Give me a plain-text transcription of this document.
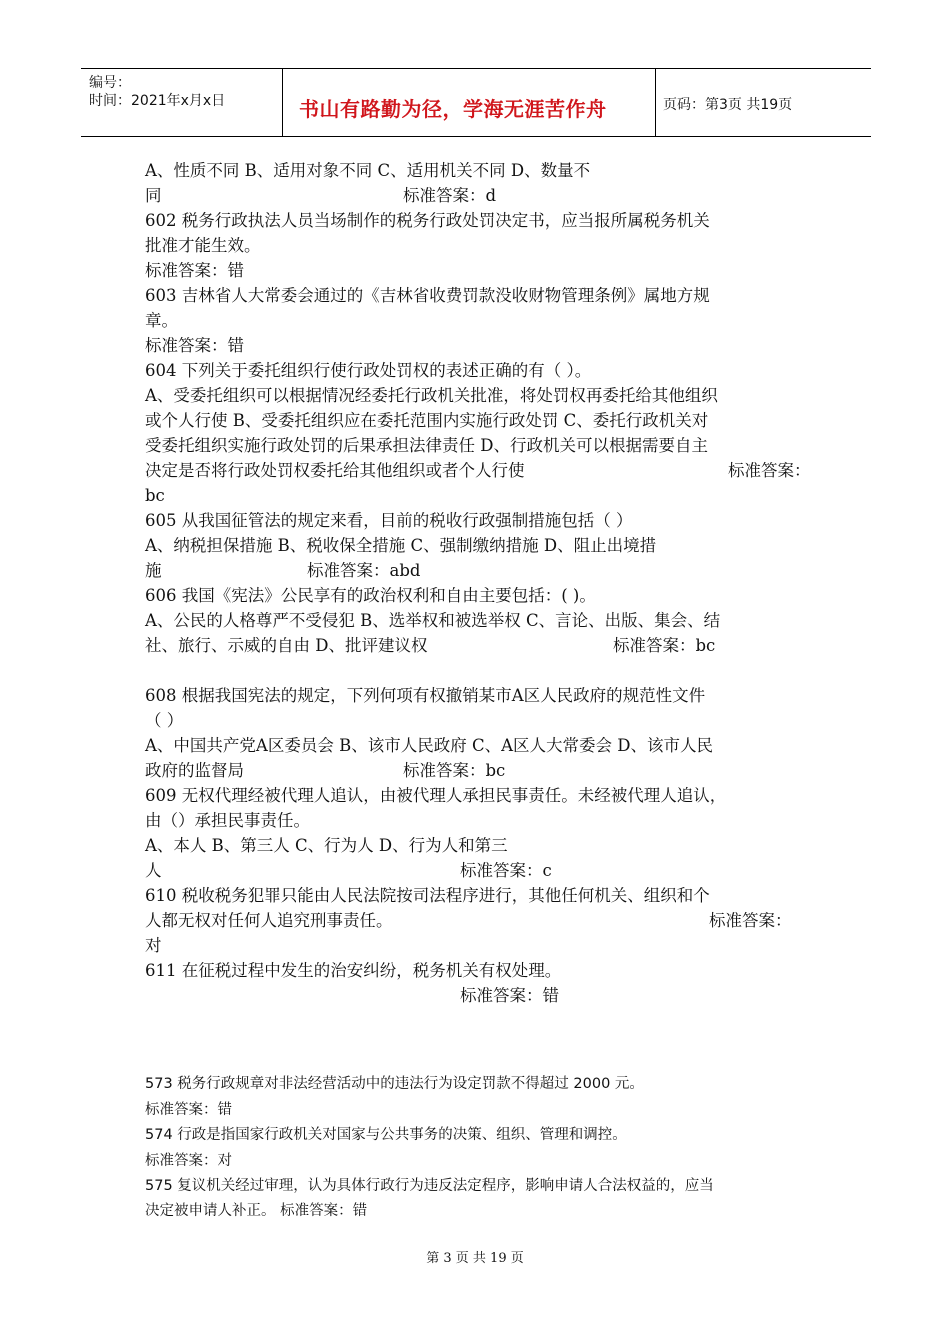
编号：
时间：2021年x月x日	书山有路勤为径，学海无涯苦作舟	页码：第3页 共19页
A、性质不同 B、适用对象不同 C、适用机关不同 D、数量不
同	标准答案：d
602 税务行政执法人员当场制作的税务行政处罚决定书，应当报所属税务机关
批准才能生效。
标准答案：错
603 吉林省人大常委会通过的《吉林省收费罚款没收财物管理条例》属地方规
章。
标准答案：错
604 下列关于委托组织行使行政处罚权的表述正确的有（ ）。
A、受委托组织可以根据情况经委托行政机关批准，将处罚权再委托给其他组织
或个人行使 B、受委托组织应在委托范围内实施行政处罚 C、委托行政机关对
受委托组织实施行政处罚的后果承担法律责任 D、行政机关可以根据需要自主
决定是否将行政处罚权委托给其他组织或者个人行使	标准答案：
bc
605 从我国征管法的规定来看，目前的税收行政强制措施包括（ ）
A、纳税担保措施 B、税收保全措施 C、强制缴纳措施 D、阻止出境措
施	标准答案：abd
606 我国《宪法》公民享有的政治权利和自由主要包括：( )。
A、公民的人格尊严不受侵犯 B、选举权和被选举权 C、言论、出版、集会、结
社、旅行、示威的自由 D、批评建议权	标准答案：bc
608 根据我国宪法的规定，下列何项有权撤销某市A区人民政府的规范性文件
（ ）
A、中国共产党A区委员会 B、该市人民政府 C、A区人大常委会 D、该市人民
政府的监督局	标准答案：bc
609 无权代理经被代理人追认，由被代理人承担民事责任。未经被代理人追认，
由（）承担民事责任。
A、本人 B、第三人 C、行为人 D、行为人和第三
人	标准答案：c
610 税收税务犯罪只能由人民法院按司法程序进行，其他任何机关、组织和个
人都无权对任何人追究刑事责任。	标准答案：
对
611 在征税过程中发生的治安纠纷，税务机关有权处理。
标准答案：错
573 税务行政规章对非法经营活动中的违法行为设定罚款不得超过 2000 元。
标准答案：错
574 行政是指国家行政机关对国家与公共事务的决策、组织、管理和调控。
标准答案：对
575 复议机关经过审理，认为具体行政行为违反法定程序，影响申请人合法权益的，应当
决定被申请人补正。 标准答案：错
第 3 页 共 19 页
